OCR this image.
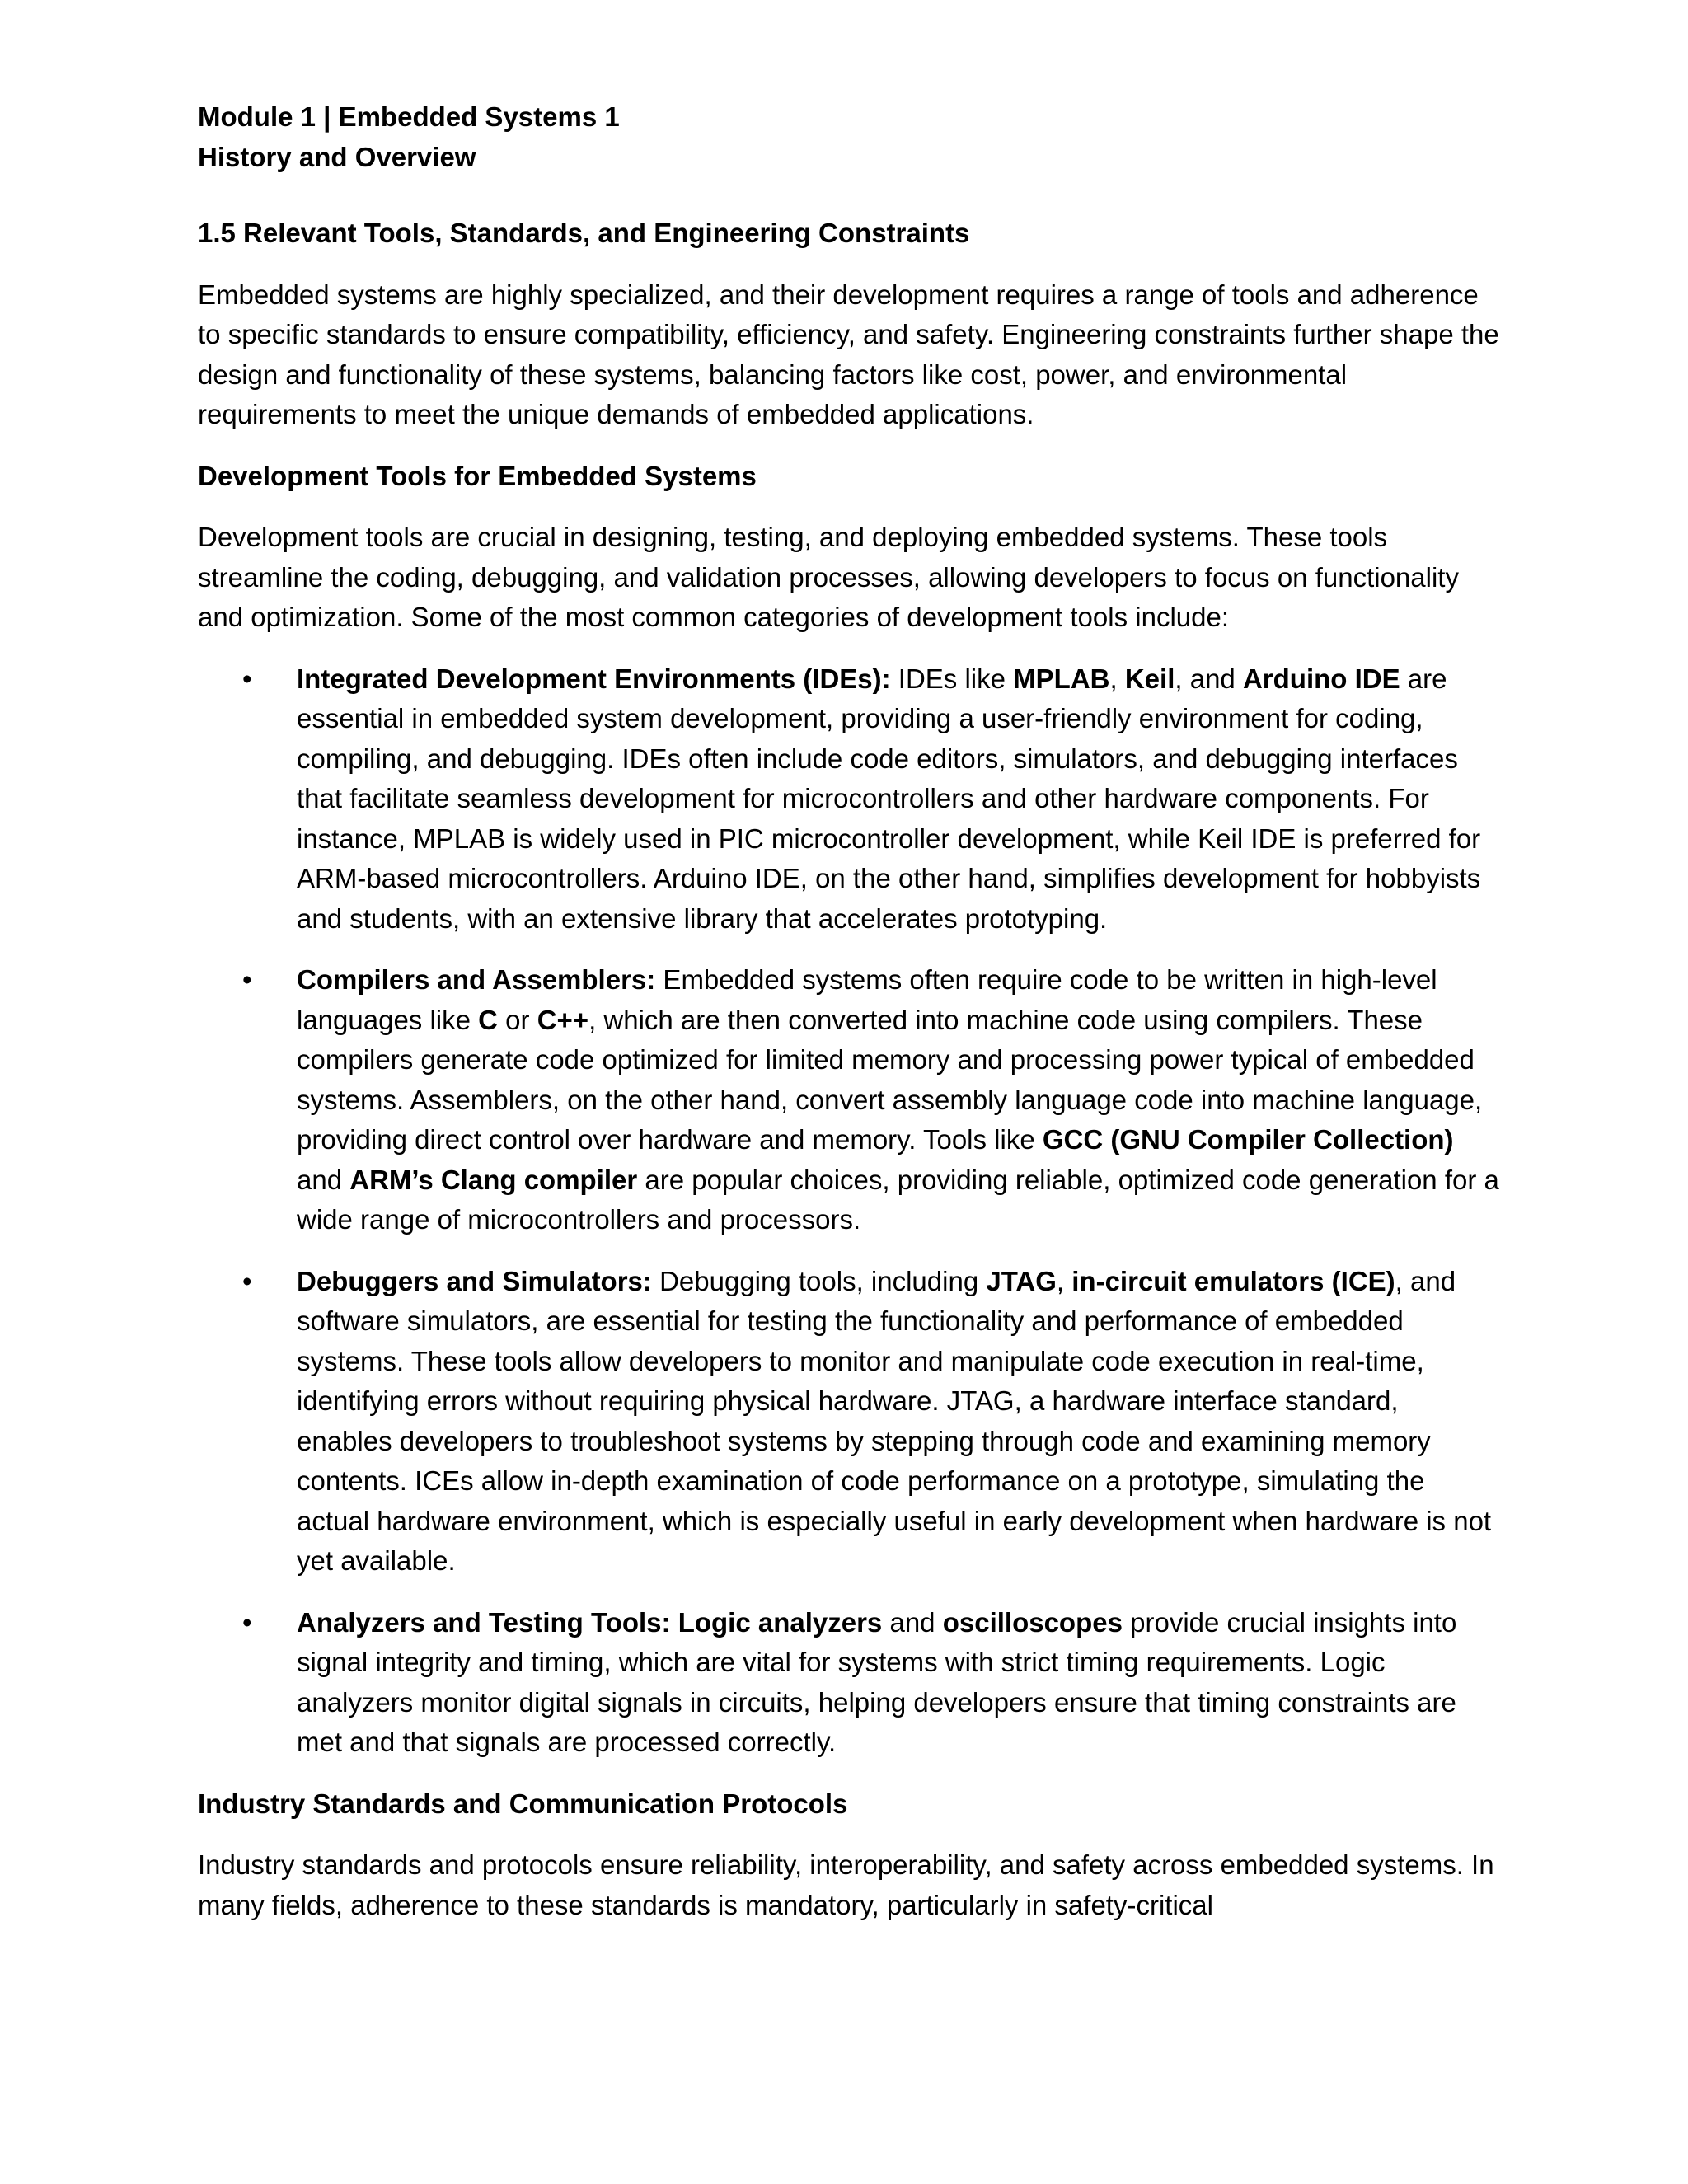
Module 1 | Embedded Systems 1
History and Overview
1.5 Relevant Tools, Standards, and Engineering Constraints

Embedded systems are highly specialized, and their development requires a range of tools and adherence to specific standards to ensure compatibility, efficiency, and safety. Engineering constraints further shape the design and functionality of these systems, balancing factors like cost, power, and environmental requirements to meet the unique demands of embedded applications.

Development Tools for Embedded Systems

Development tools are crucial in designing, testing, and deploying embedded systems. These tools streamline the coding, debugging, and validation processes, allowing developers to focus on functionality and optimization. Some of the most common categories of development tools include:

• Integrated Development Environments (IDEs): IDEs like MPLAB, Keil, and Arduino IDE are essential in embedded system development, providing a user-friendly environment for coding, compiling, and debugging. IDEs often include code editors, simulators, and debugging interfaces that facilitate seamless development for microcontrollers and other hardware components. For instance, MPLAB is widely used in PIC microcontroller development, while Keil IDE is preferred for ARM-based microcontrollers. Arduino IDE, on the other hand, simplifies development for hobbyists and students, with an extensive library that accelerates prototyping.
• Compilers and Assemblers: Embedded systems often require code to be written in high-level languages like C or C++, which are then converted into machine code using compilers. These compilers generate code optimized for limited memory and processing power typical of embedded systems. Assemblers, on the other hand, convert assembly language code into machine language, providing direct control over hardware and memory. Tools like GCC (GNU Compiler Collection) and ARM’s Clang compiler are popular choices, providing reliable, optimized code generation for a wide range of microcontrollers and processors.
• Debuggers and Simulators: Debugging tools, including JTAG, in-circuit emulators (ICE), and software simulators, are essential for testing the functionality and performance of embedded systems. These tools allow developers to monitor and manipulate code execution in real-time, identifying errors without requiring physical hardware. JTAG, a hardware interface standard, enables developers to troubleshoot systems by stepping through code and examining memory contents. ICEs allow in-depth examination of code performance on a prototype, simulating the actual hardware environment, which is especially useful in early development when hardware is not yet available.
• Analyzers and Testing Tools: Logic analyzers and oscilloscopes provide crucial insights into signal integrity and timing, which are vital for systems with strict timing requirements. Logic analyzers monitor digital signals in circuits, helping developers ensure that timing constraints are met and that signals are processed correctly.
Industry Standards and Communication Protocols

Industry standards and protocols ensure reliability, interoperability, and safety across embedded systems. In many fields, adherence to these standards is mandatory, particularly in safety-critical
